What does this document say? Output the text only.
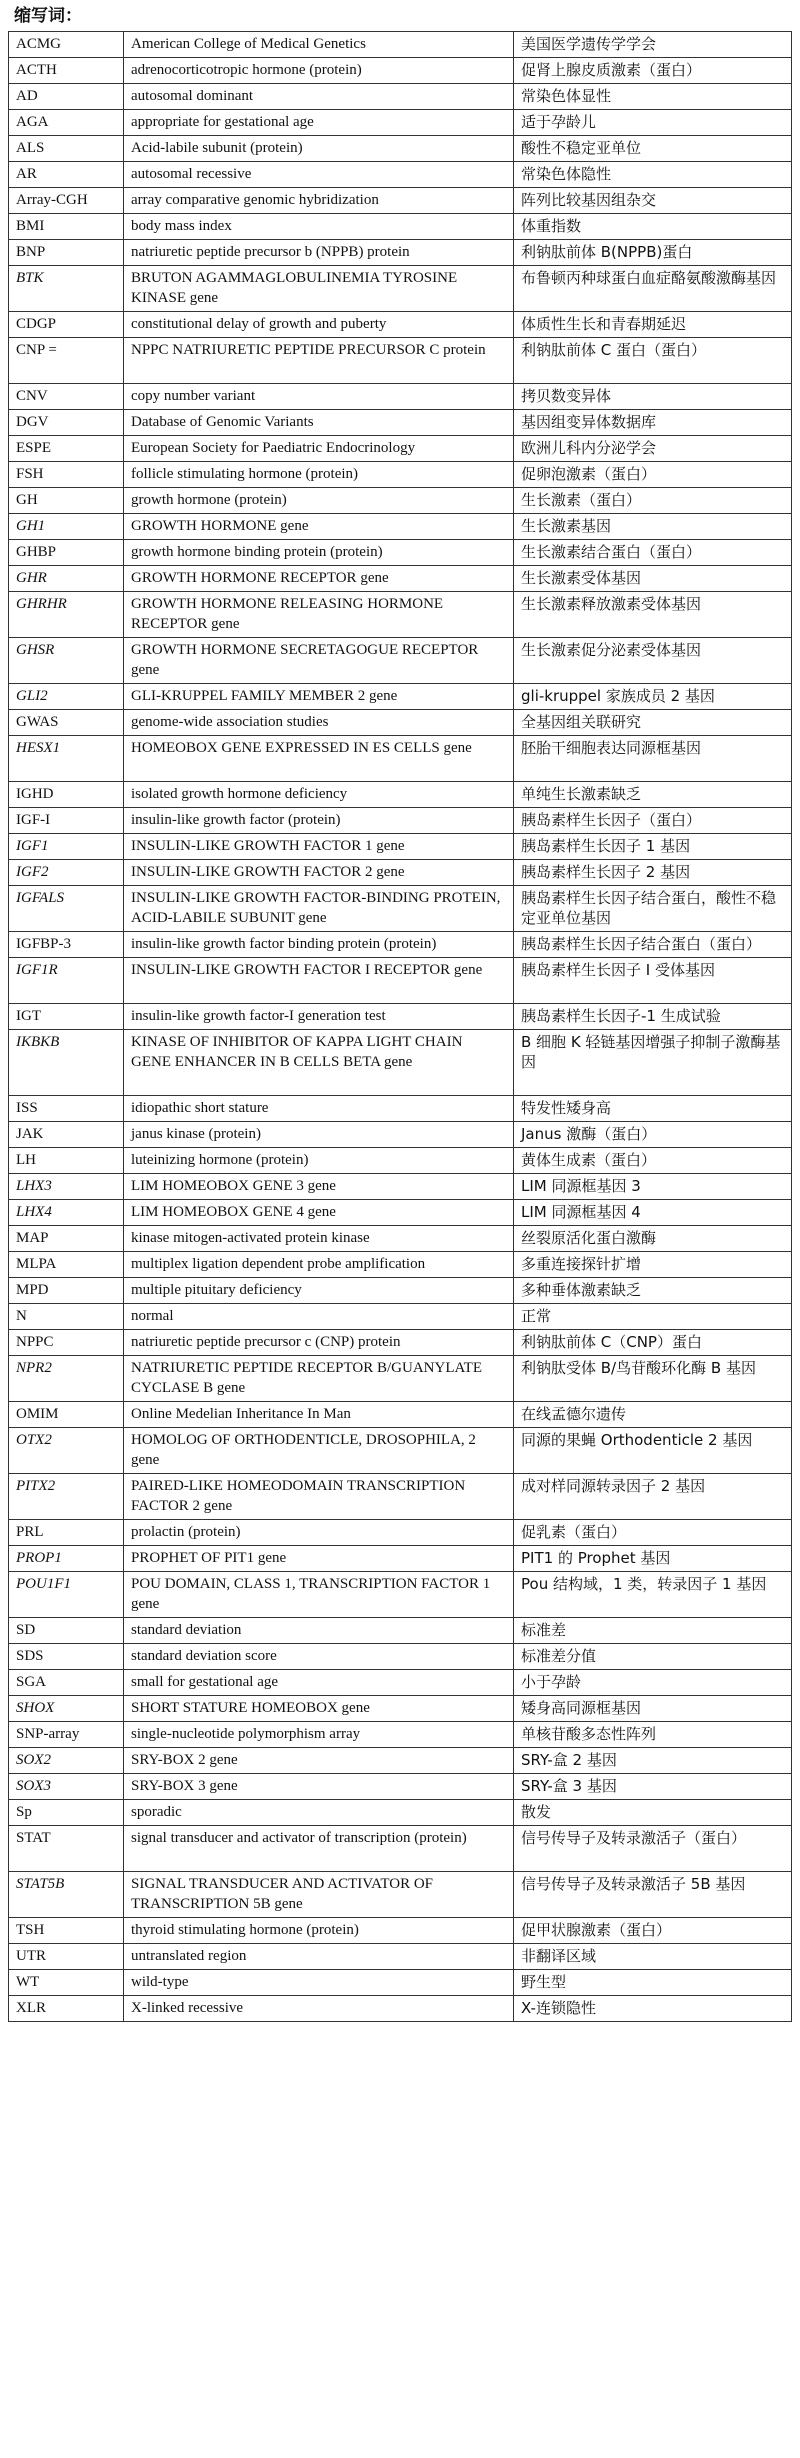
缩写词：
ACMG	American College of Medical Genetics	美国医学遗传学学会
ACTH	adrenocorticotropic hormone (protein)	促肾上腺皮质激素（蛋白）
AD	autosomal dominant	常染色体显性
AGA	appropriate for gestational age	适于孕龄儿
ALS	Acid-labile subunit (protein)	酸性不稳定亚单位
AR	autosomal recessive	常染色体隐性
Array-CGH	array comparative genomic hybridization	阵列比较基因组杂交
BMI	body mass index	体重指数
BNP	natriuretic peptide precursor b (NPPB) protein	利钠肽前体 B(NPPB)蛋白
BTK	BRUTON AGAMMAGLOBULINEMIA TYROSINE KINASE gene	布鲁顿丙种球蛋白血症酪氨酸激酶基因
CDGP	constitutional delay of growth and puberty	体质性生长和青春期延迟
CNP =	NPPC NATRIURETIC PEPTIDE PRECURSOR C protein	利钠肽前体 C 蛋白（蛋白）
CNV	copy number variant	拷贝数变异体
DGV	Database of Genomic Variants	基因组变异体数据库
ESPE	European Society for Paediatric Endocrinology	欧洲儿科内分泌学会
FSH	follicle stimulating hormone (protein)	促卵泡激素（蛋白）
GH	growth hormone (protein)	生长激素（蛋白）
GH1	GROWTH HORMONE gene	生长激素基因
GHBP	growth hormone binding protein (protein)	生长激素结合蛋白（蛋白）
GHR	GROWTH HORMONE RECEPTOR gene	生长激素受体基因
GHRHR	GROWTH HORMONE RELEASING HORMONE RECEPTOR gene	生长激素释放激素受体基因
GHSR	GROWTH HORMONE SECRETAGOGUE RECEPTOR gene	生长激素促分泌素受体基因
GLI2	GLI-KRUPPEL FAMILY MEMBER 2 gene	gli-kruppel 家族成员 2 基因
GWAS	genome-wide association studies	全基因组关联研究
HESX1	HOMEOBOX GENE EXPRESSED IN ES CELLS gene	胚胎干细胞表达同源框基因
IGHD	isolated growth hormone deficiency	单纯生长激素缺乏
IGF-I	insulin-like growth factor (protein)	胰岛素样生长因子（蛋白）
IGF1	INSULIN-LIKE GROWTH FACTOR 1 gene	胰岛素样生长因子 1 基因
IGF2	INSULIN-LIKE GROWTH FACTOR 2 gene	胰岛素样生长因子 2 基因
IGFALS	INSULIN-LIKE GROWTH FACTOR-BINDING PROTEIN, ACID-LABILE SUBUNIT gene	胰岛素样生长因子结合蛋白，酸性不稳定亚单位基因
IGFBP-3	insulin-like growth factor binding protein (protein)	胰岛素样生长因子结合蛋白（蛋白）
IGF1R	INSULIN-LIKE GROWTH FACTOR I RECEPTOR gene	胰岛素样生长因子 I 受体基因
IGT	insulin-like growth factor-I generation test	胰岛素样生长因子-1 生成试验
IKBKB	KINASE OF INHIBITOR OF KAPPA LIGHT CHAIN GENE ENHANCER IN B CELLS BETA gene	B 细胞 K 轻链基因增强子抑制子激酶基因
ISS	idiopathic short stature	特发性矮身高
JAK	janus kinase (protein)	Janus 激酶（蛋白）
LH	luteinizing hormone (protein)	黄体生成素（蛋白）
LHX3	LIM HOMEOBOX GENE 3 gene	LIM 同源框基因 3
LHX4	LIM HOMEOBOX GENE 4 gene	LIM 同源框基因 4
MAP	kinase mitogen-activated protein kinase	丝裂原活化蛋白激酶
MLPA	multiplex ligation dependent probe amplification	多重连接探针扩增
MPD	multiple pituitary deficiency	多种垂体激素缺乏
N	normal	正常
NPPC	natriuretic peptide precursor c (CNP) protein	利钠肽前体 C（CNP）蛋白
NPR2	NATRIURETIC PEPTIDE RECEPTOR B/GUANYLATE CYCLASE B gene	利钠肽受体 B/鸟苷酸环化酶 B 基因
OMIM	Online Medelian Inheritance In Man	在线孟德尔遗传
OTX2	HOMOLOG OF ORTHODENTICLE, DROSOPHILA, 2 gene	同源的果蝇 Orthodenticle 2 基因
PITX2	PAIRED-LIKE HOMEODOMAIN TRANSCRIPTION FACTOR 2 gene	成对样同源转录因子 2 基因
PRL	prolactin (protein)	促乳素（蛋白）
PROP1	PROPHET OF PIT1 gene	PIT1 的 Prophet 基因
POU1F1	POU DOMAIN, CLASS 1, TRANSCRIPTION FACTOR 1 gene	Pou 结构域，1 类，转录因子 1 基因
SD	standard deviation	标准差
SDS	standard deviation score	标准差分值
SGA	small for gestational age	小于孕龄
SHOX	SHORT STATURE HOMEOBOX gene	矮身高同源框基因
SNP-array	single-nucleotide polymorphism array	单核苷酸多态性阵列
SOX2	SRY-BOX 2 gene	SRY-盒 2 基因
SOX3	SRY-BOX 3 gene	SRY-盒 3 基因
Sp	sporadic	散发
STAT	signal transducer and activator of transcription (protein)	信号传导子及转录激活子（蛋白）
STAT5B	SIGNAL TRANSDUCER AND ACTIVATOR OF TRANSCRIPTION 5B gene	信号传导子及转录激活子 5B 基因
TSH	thyroid stimulating hormone (protein)	促甲状腺激素（蛋白）
UTR	untranslated region	非翻译区域
WT	wild-type	野生型
XLR	X-linked recessive	X-连锁隐性
